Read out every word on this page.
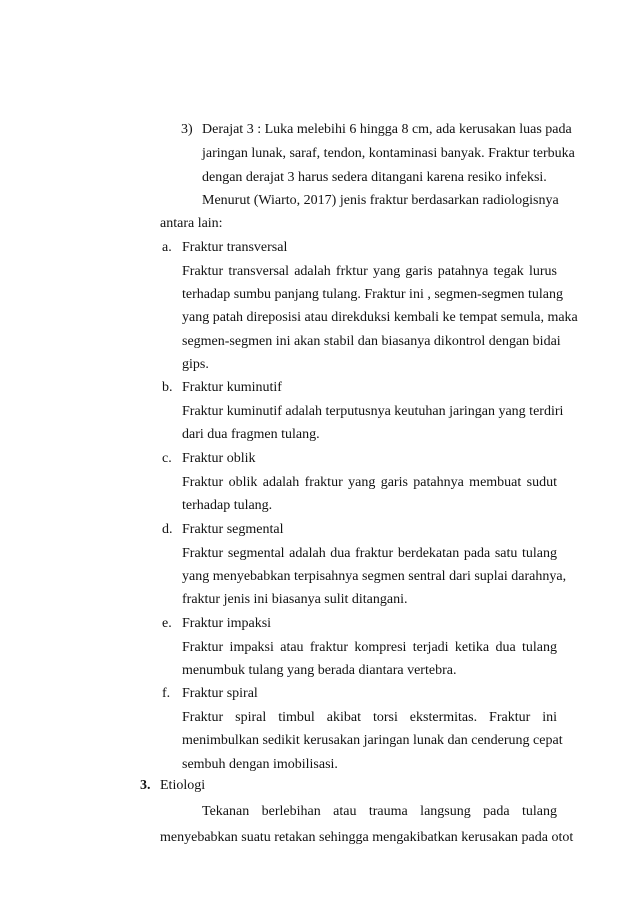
3) Derajat 3 : Luka melebihi 6 hingga 8 cm, ada kerusakan luas pada
jaringan lunak, saraf, tendon, kontaminasi banyak. Fraktur terbuka
dengan derajat 3 harus sedera ditangani karena resiko infeksi.
Menurut (Wiarto, 2017) jenis fraktur berdasarkan radiologisnya
antara lain:
a. Fraktur transversal
Fraktur transversal adalah frktur yang garis patahnya tegak lurus
terhadap sumbu panjang tulang. Fraktur ini , segmen-segmen tulang
yang patah direposisi atau direkduksi kembali ke tempat semula, maka
segmen-segmen ini akan stabil dan biasanya dikontrol dengan bidai
gips.
b. Fraktur kuminutif
Fraktur kuminutif adalah terputusnya keutuhan jaringan yang terdiri
dari dua fragmen tulang.
c. Fraktur oblik
Fraktur oblik adalah fraktur yang garis patahnya membuat sudut
terhadap tulang.
d. Fraktur segmental
Fraktur segmental adalah dua fraktur berdekatan pada satu tulang
yang menyebabkan terpisahnya segmen sentral dari suplai darahnya,
fraktur jenis ini biasanya sulit ditangani.
e. Fraktur impaksi
Fraktur impaksi atau fraktur kompresi terjadi ketika dua tulang
menumbuk tulang yang berada diantara vertebra.
f. Fraktur spiral
Fraktur spiral timbul akibat torsi ekstermitas. Fraktur ini
menimbulkan sedikit kerusakan jaringan lunak dan cenderung cepat
sembuh dengan imobilisasi.
3. Etiologi
Tekanan berlebihan atau trauma langsung pada tulang
menyebabkan suatu retakan sehingga mengakibatkan kerusakan pada otot
